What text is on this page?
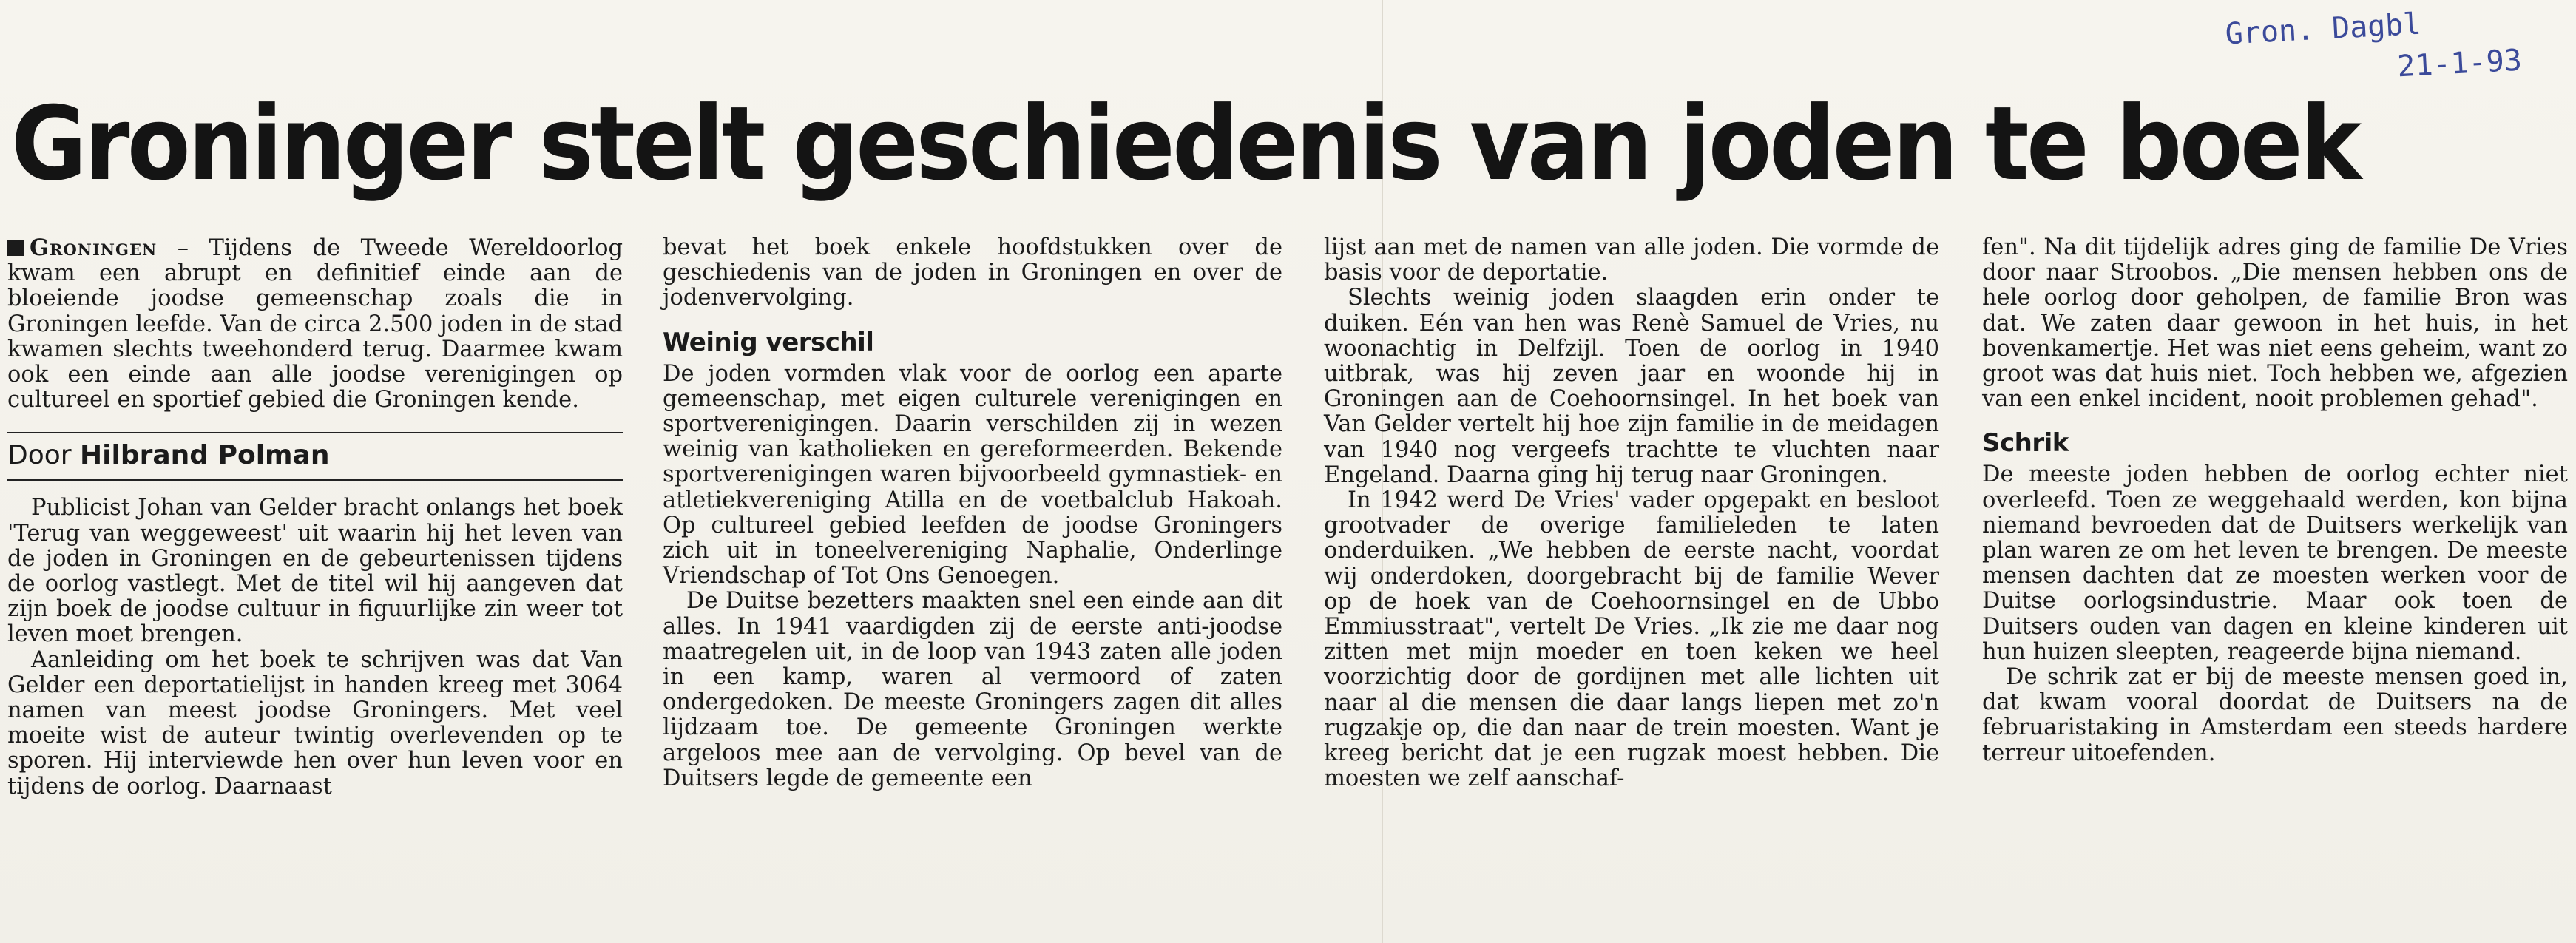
Gron. Dagbl
21-1-93
Groninger stelt geschiedenis van joden te boek

Groningen – Tijdens de Tweede Wereldoorlog kwam een abrupt en definitief einde aan de bloeiende joodse gemeenschap zoals die in Groningen leefde. Van de circa 2.500 joden in de stad kwamen slechts tweehonderd terug. Daarmee kwam ook een einde aan alle joodse verenigingen op cultureel en sportief gebied die Groningen kende.

Door Hilbrand Polman

Publicist Johan van Gelder bracht onlangs het boek 'Terug van weggeweest' uit waarin hij het leven van de joden in Groningen en de gebeurtenissen tijdens de oorlog vastlegt. Met de titel wil hij aangeven dat zijn boek de joodse cultuur in figuurlijke zin weer tot leven moet brengen.

Aanleiding om het boek te schrijven was dat Van Gelder een deportatielijst in handen kreeg met 3064 namen van meest joodse Groningers. Met veel moeite wist de auteur twintig overlevenden op te sporen. Hij interviewde hen over hun leven voor en tijdens de oorlog. Daarnaast

bevat het boek enkele hoofdstukken over de geschiedenis van de joden in Groningen en over de jodenvervolging.

Weinig verschil

De joden vormden vlak voor de oorlog een aparte gemeenschap, met eigen culturele verenigingen en sportverenigingen. Daarin verschilden zij in wezen weinig van katholieken en gereformeerden. Bekende sportverenigingen waren bijvoorbeeld gymnastiek- en atletiekvereniging Atilla en de voetbalclub Hakoah. Op cultureel gebied leefden de joodse Groningers zich uit in toneelvereniging Naphalie, Onderlinge Vriendschap of Tot Ons Genoegen.

De Duitse bezetters maakten snel een einde aan dit alles. In 1941 vaardigden zij de eerste anti-joodse maatregelen uit, in de loop van 1943 zaten alle joden in een kamp, waren al vermoord of zaten ondergedoken. De meeste Groningers zagen dit alles lijdzaam toe. De gemeente Groningen werkte argeloos mee aan de vervolging. Op bevel van de Duitsers legde de gemeente een

lijst aan met de namen van alle joden. Die vormde de basis voor de deportatie.

Slechts weinig joden slaagden erin onder te duiken. Eén van hen was Renè Samuel de Vries, nu woonachtig in Delfzijl. Toen de oorlog in 1940 uitbrak, was hij zeven jaar en woonde hij in Groningen aan de Coehoornsingel. In het boek van Van Gelder vertelt hij hoe zijn familie in de meidagen van 1940 nog vergeefs trachtte te vluchten naar Engeland. Daarna ging hij terug naar Groningen.

In 1942 werd De Vries' vader opgepakt en besloot grootvader de overige familieleden te laten onderduiken. „We hebben de eerste nacht, voordat wij onderdoken, doorgebracht bij de familie Wever op de hoek van de Coehoornsingel en de Ubbo Emmiusstraat", vertelt De Vries. „Ik zie me daar nog zitten met mijn moeder en toen keken we heel voorzichtig door de gordijnen met alle lichten uit naar al die mensen die daar langs liepen met zo'n rugzakje op, die dan naar de trein moesten. Want je kreeg bericht dat je een rugzak moest hebben. Die moesten we zelf aanschaf-

fen". Na dit tijdelijk adres ging de familie De Vries door naar Stroobos. „Die mensen hebben ons de hele oorlog door geholpen, de familie Bron was dat. We zaten daar gewoon in het huis, in het bovenkamertje. Het was niet eens geheim, want zo groot was dat huis niet. Toch hebben we, afgezien van een enkel incident, nooit problemen gehad".

Schrik

De meeste joden hebben de oorlog echter niet overleefd. Toen ze weggehaald werden, kon bijna niemand bevroeden dat de Duitsers werkelijk van plan waren ze om het leven te brengen. De meeste mensen dachten dat ze moesten werken voor de Duitse oorlogsindustrie. Maar ook toen de Duitsers ouden van dagen en kleine kinderen uit hun huizen sleepten, reageerde bijna niemand.

De schrik zat er bij de meeste mensen goed in, dat kwam vooral doordat de Duitsers na de februaristaking in Amsterdam een steeds hardere terreur uitoefenden.
